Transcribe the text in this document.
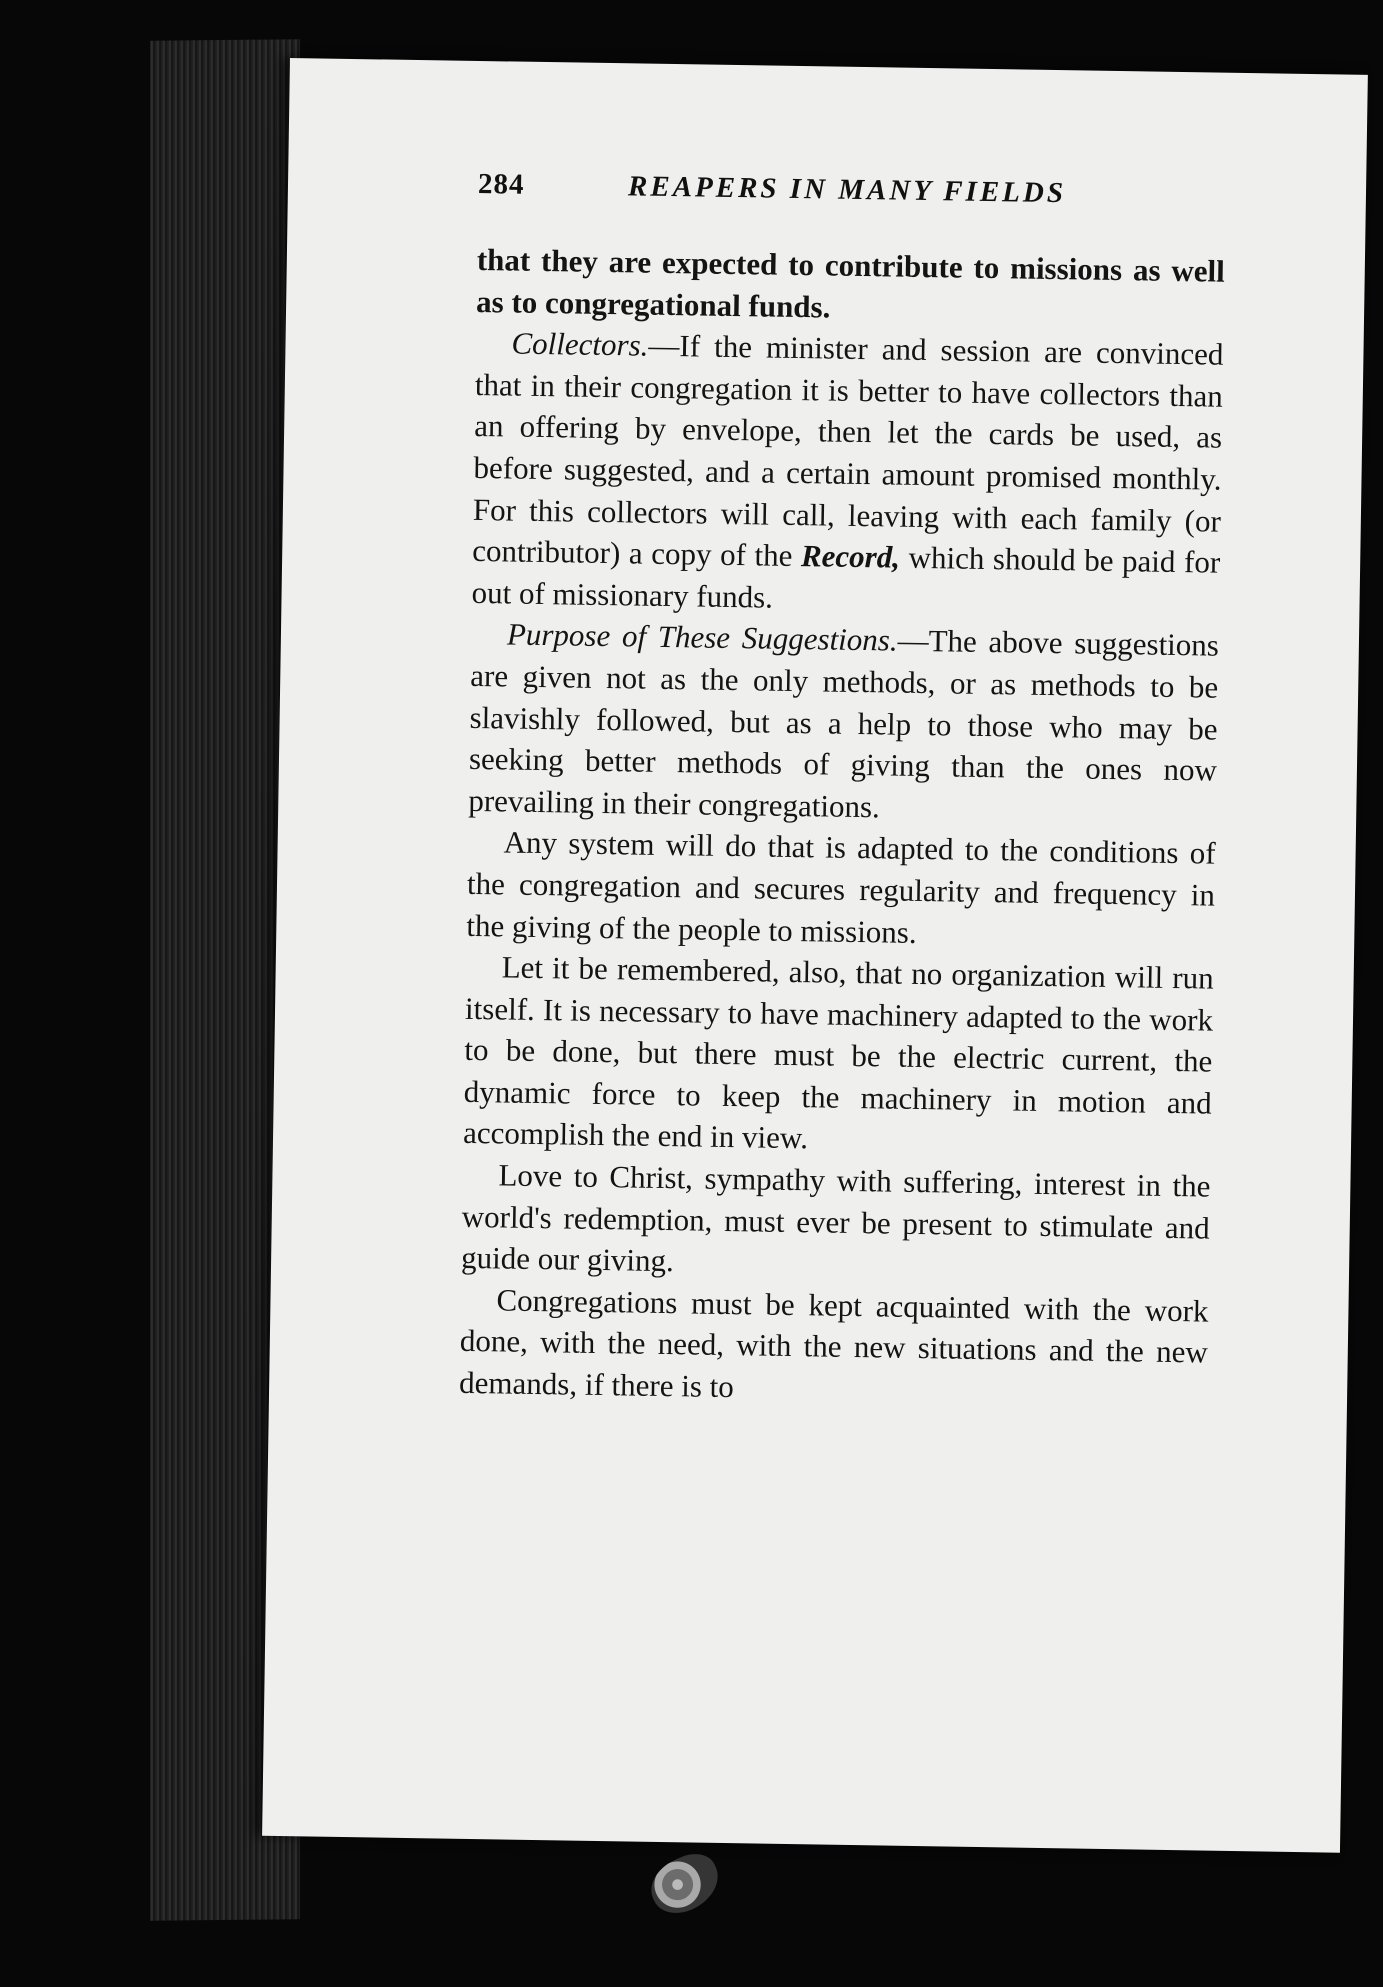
284	REAPERS IN MANY FIELDS

that they are expected to contribute to missions as well as to congregational funds.

Collectors.—If the minister and session are convinced that in their congregation it is better to have collectors than an offering by envelope, then let the cards be used, as before suggested, and a certain amount promised monthly. For this collectors will call, leaving with each family (or contributor) a copy of the Record, which should be paid for out of missionary funds.

Purpose of These Suggestions.—The above suggestions are given not as the only methods, or as methods to be slavishly followed, but as a help to those who may be seeking better methods of giving than the ones now prevailing in their congregations.

Any system will do that is adapted to the conditions of the congregation and secures regularity and frequency in the giving of the people to missions.

Let it be remembered, also, that no organization will run itself. It is necessary to have machinery adapted to the work to be done, but there must be the electric current, the dynamic force to keep the machinery in motion and accomplish the end in view.

Love to Christ, sympathy with suffering, interest in the world's redemption, must ever be present to stimulate and guide our giving.

Congregations must be kept acquainted with the work done, with the need, with the new situations and the new demands, if there is to
